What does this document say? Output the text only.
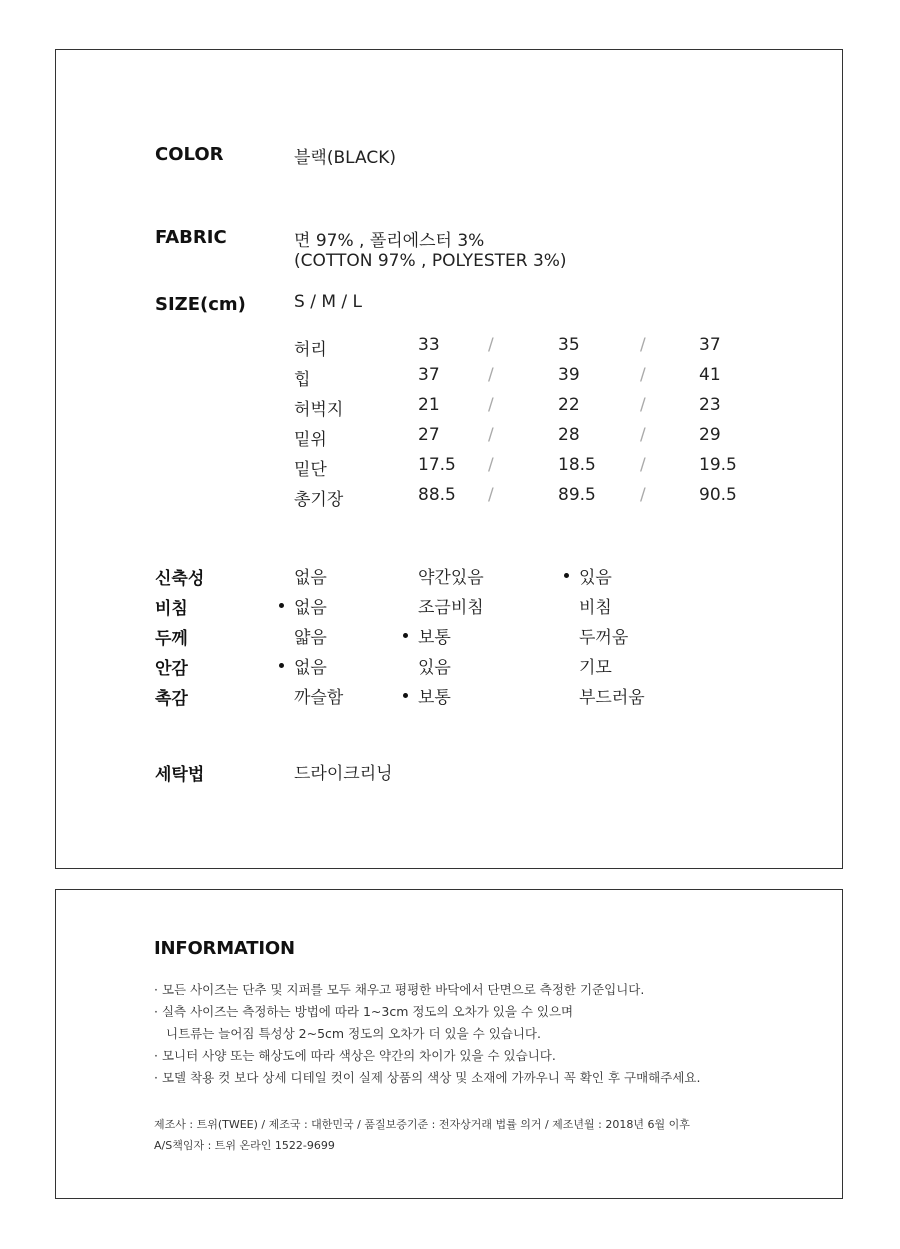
COLOR	블랙(BLACK)
FABRIC	면 97% , 폴리에스터 3%
(COTTON 97% , POLYESTER 3%)
SIZE(cm)	S / M / L
허리	33	/	35	/	37
힙	37	/	39	/	41
허벅지	21	/	22	/	23
밑위	27	/	28	/	29
밑단	17.5 /	18.5	/	19.5
총기장	88.5 /	89.5	/	90.5
신축성	없음	약간있음	있음
비침	없음	조금비침	비침
두께	얇음	보통	두꺼움
안감	없음	있음	기모
촉감	까슬함	보통	부드러움
세탁법	드라이크리닝
INFORMATION
· 모든 사이즈는 단추 및 지퍼를 모두 채우고 평평한 바닥에서 단면으로 측정한 기준입니다.
· 실측 사이즈는 측정하는 방법에 따라 1~3cm 정도의 오차가 있을 수 있으며
니트류는 늘어짐 특성상 2~5cm 정도의 오차가 더 있을 수 있습니다.
· 모니터 사양 또는 해상도에 따라 색상은 약간의 차이가 있을 수 있습니다.
· 모델 착용 컷 보다 상세 디테일 컷이 실제 상품의 색상 및 소재에 가까우니 꼭 확인 후 구매해주세요.
제조사 : 트위(TWEE) / 제조국 : 대한민국 / 품질보증기준 : 전자상거래 법률 의거 / 제조년월 : 2018년 6월 이후
A/S책임자 : 트위 온라인 1522-9699
